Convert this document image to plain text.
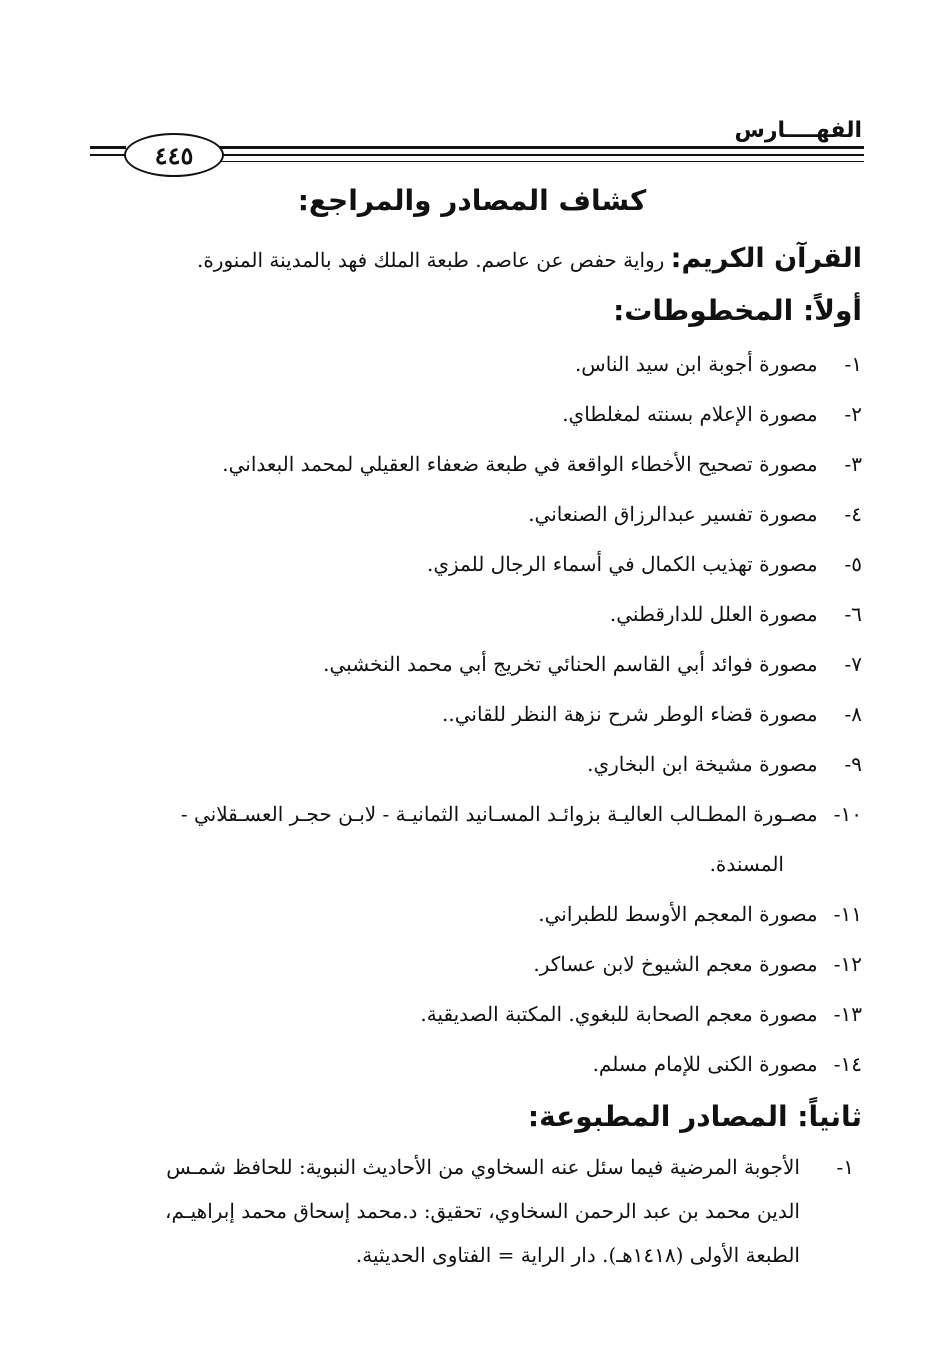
الفهــــارس
٤٤٥
كشاف المصادر والمراجع:
القرآن الكريم: رواية حفص عن عاصم. طبعة الملك فهد بالمدينة المنورة.
أولاً: المخطوطات:
١- مصورة أجوبة ابن سيد الناس.
٢- مصورة الإعلام بسنته لمغلطاي.
٣- مصورة تصحيح الأخطاء الواقعة في طبعة ضعفاء العقيلي لمحمد البعداني.
٤- مصورة تفسير عبدالرزاق الصنعاني.
٥- مصورة تهذيب الكمال في أسماء الرجال للمزي.
٦- مصورة العلل للدارقطني.
٧- مصورة فوائد أبي القاسم الحنائي تخريج أبي محمد النخشبي.
٨- مصورة قضاء الوطر شرح نزهة النظر للقاني..
٩- مصورة مشيخة ابن البخاري.
١٠- مصـورة المطـالب العاليـة بزوائـد المسـانيد الثمانيـة - لابـن حجـر العسـقلاني -
المسندة.
١١- مصورة المعجم الأوسط للطبراني.
١٢- مصورة معجم الشيوخ لابن عساكر.
١٣- مصورة معجم الصحابة للبغوي. المكتبة الصديقية.
١٤- مصورة الكنى للإمام مسلم.
ثانياً: المصادر المطبوعة:
١-
الأجوبة المرضية فيما سئل عنه السخاوي من الأحاديث النبوية: للحافظ شمـس
الدين محمد بن عبد الرحمن السخاوي، تحقيق: د.محمد إسحاق محمد إبراهيـم،
الطبعة الأولى (١٤١٨هـ). دار الراية = الفتاوى الحديثية.
